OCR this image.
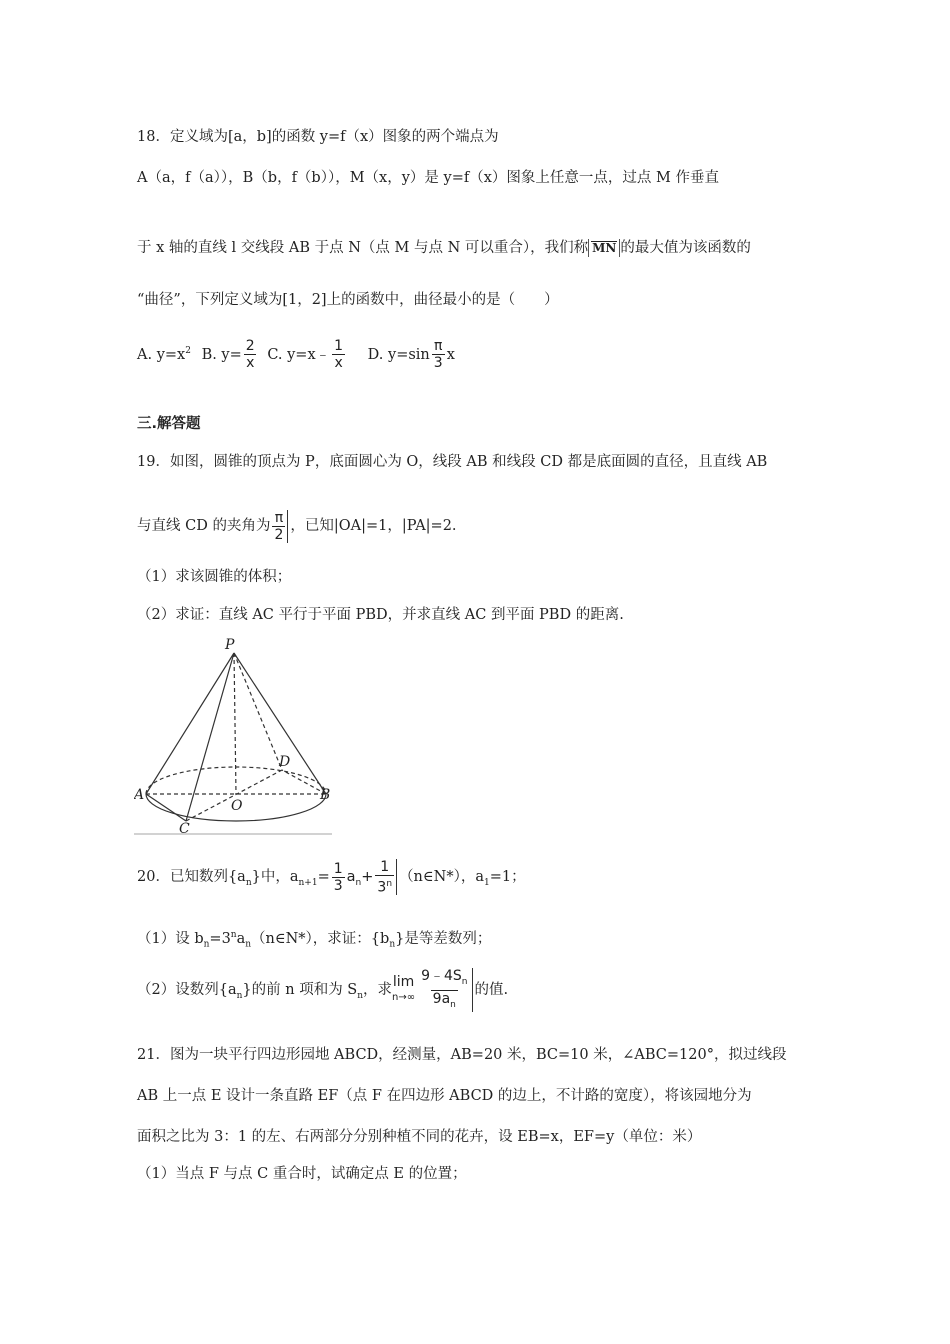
18．定义域为[a，b]的函数 y=f（x）图象的两个端点为
A（a，f（a）），B（b，f（b）），M（x，y）是 y=f（x）图象上任意一点，过点 M 作垂直
于 x 轴的直线 l 交线段 AB 于点 N（点 M 与点 N 可以重合），我们称 MN 的最大值为该函数的
“曲径”，下列定义域为[1，2]上的函数中，曲径最小的是（　　）
A. $y=x^2$ B. $y= \frac{2}{x} C$. y=x﹣ $\frac{1}{x} D$. $y=\sin \frac{\pi}{3}$ x
三.解答题
19．如图，圆锥的顶点为 P，底面圆心为 O，线段 AB 和线段 CD 都是底面圆的直径，且直线 AB
与直线 CD 的夹角为 $\frac{\pi}{2}$ ，已知|OA|=1，|PA|=2.
（1）求该圆锥的体积；
（2）求证：直线 AC 平行于平面 PBD，并求直线 AC 到平面 PBD 的距离.
P
A	B
C
D
O
20．已知数列$\{a_n\}$中，$a_{n+1}= \frac{1}{3} a_n+ \frac{1}{3^n}$ （n∈N*），$a_1=1$；
（1）设 $b_n=3^na_n(n\in N*)$，求证：$\{b_n\}$是等差数列；
（2）设数列$\{a_n\}$的前 n 项和为 $S_n$，求 lim
$n\to\infty \frac{9﹣4S_n}{9a_n}$ 的值.
21．图为一块平行四边形园地 ABCD，经测量，AB=20 米，BC=10 米，∠ABC=120°，拟过线段
AB 上一点 E 设计一条直路 EF（点 F 在四边形 ABCD 的边上，不计路的宽度），将该园地分为
面积之比为 3：1 的左、右两部分分别种植不同的花卉，设 EB=x，EF=y（单位：米）
（1）当点 F 与点 C 重合时，试确定点 E 的位置；
